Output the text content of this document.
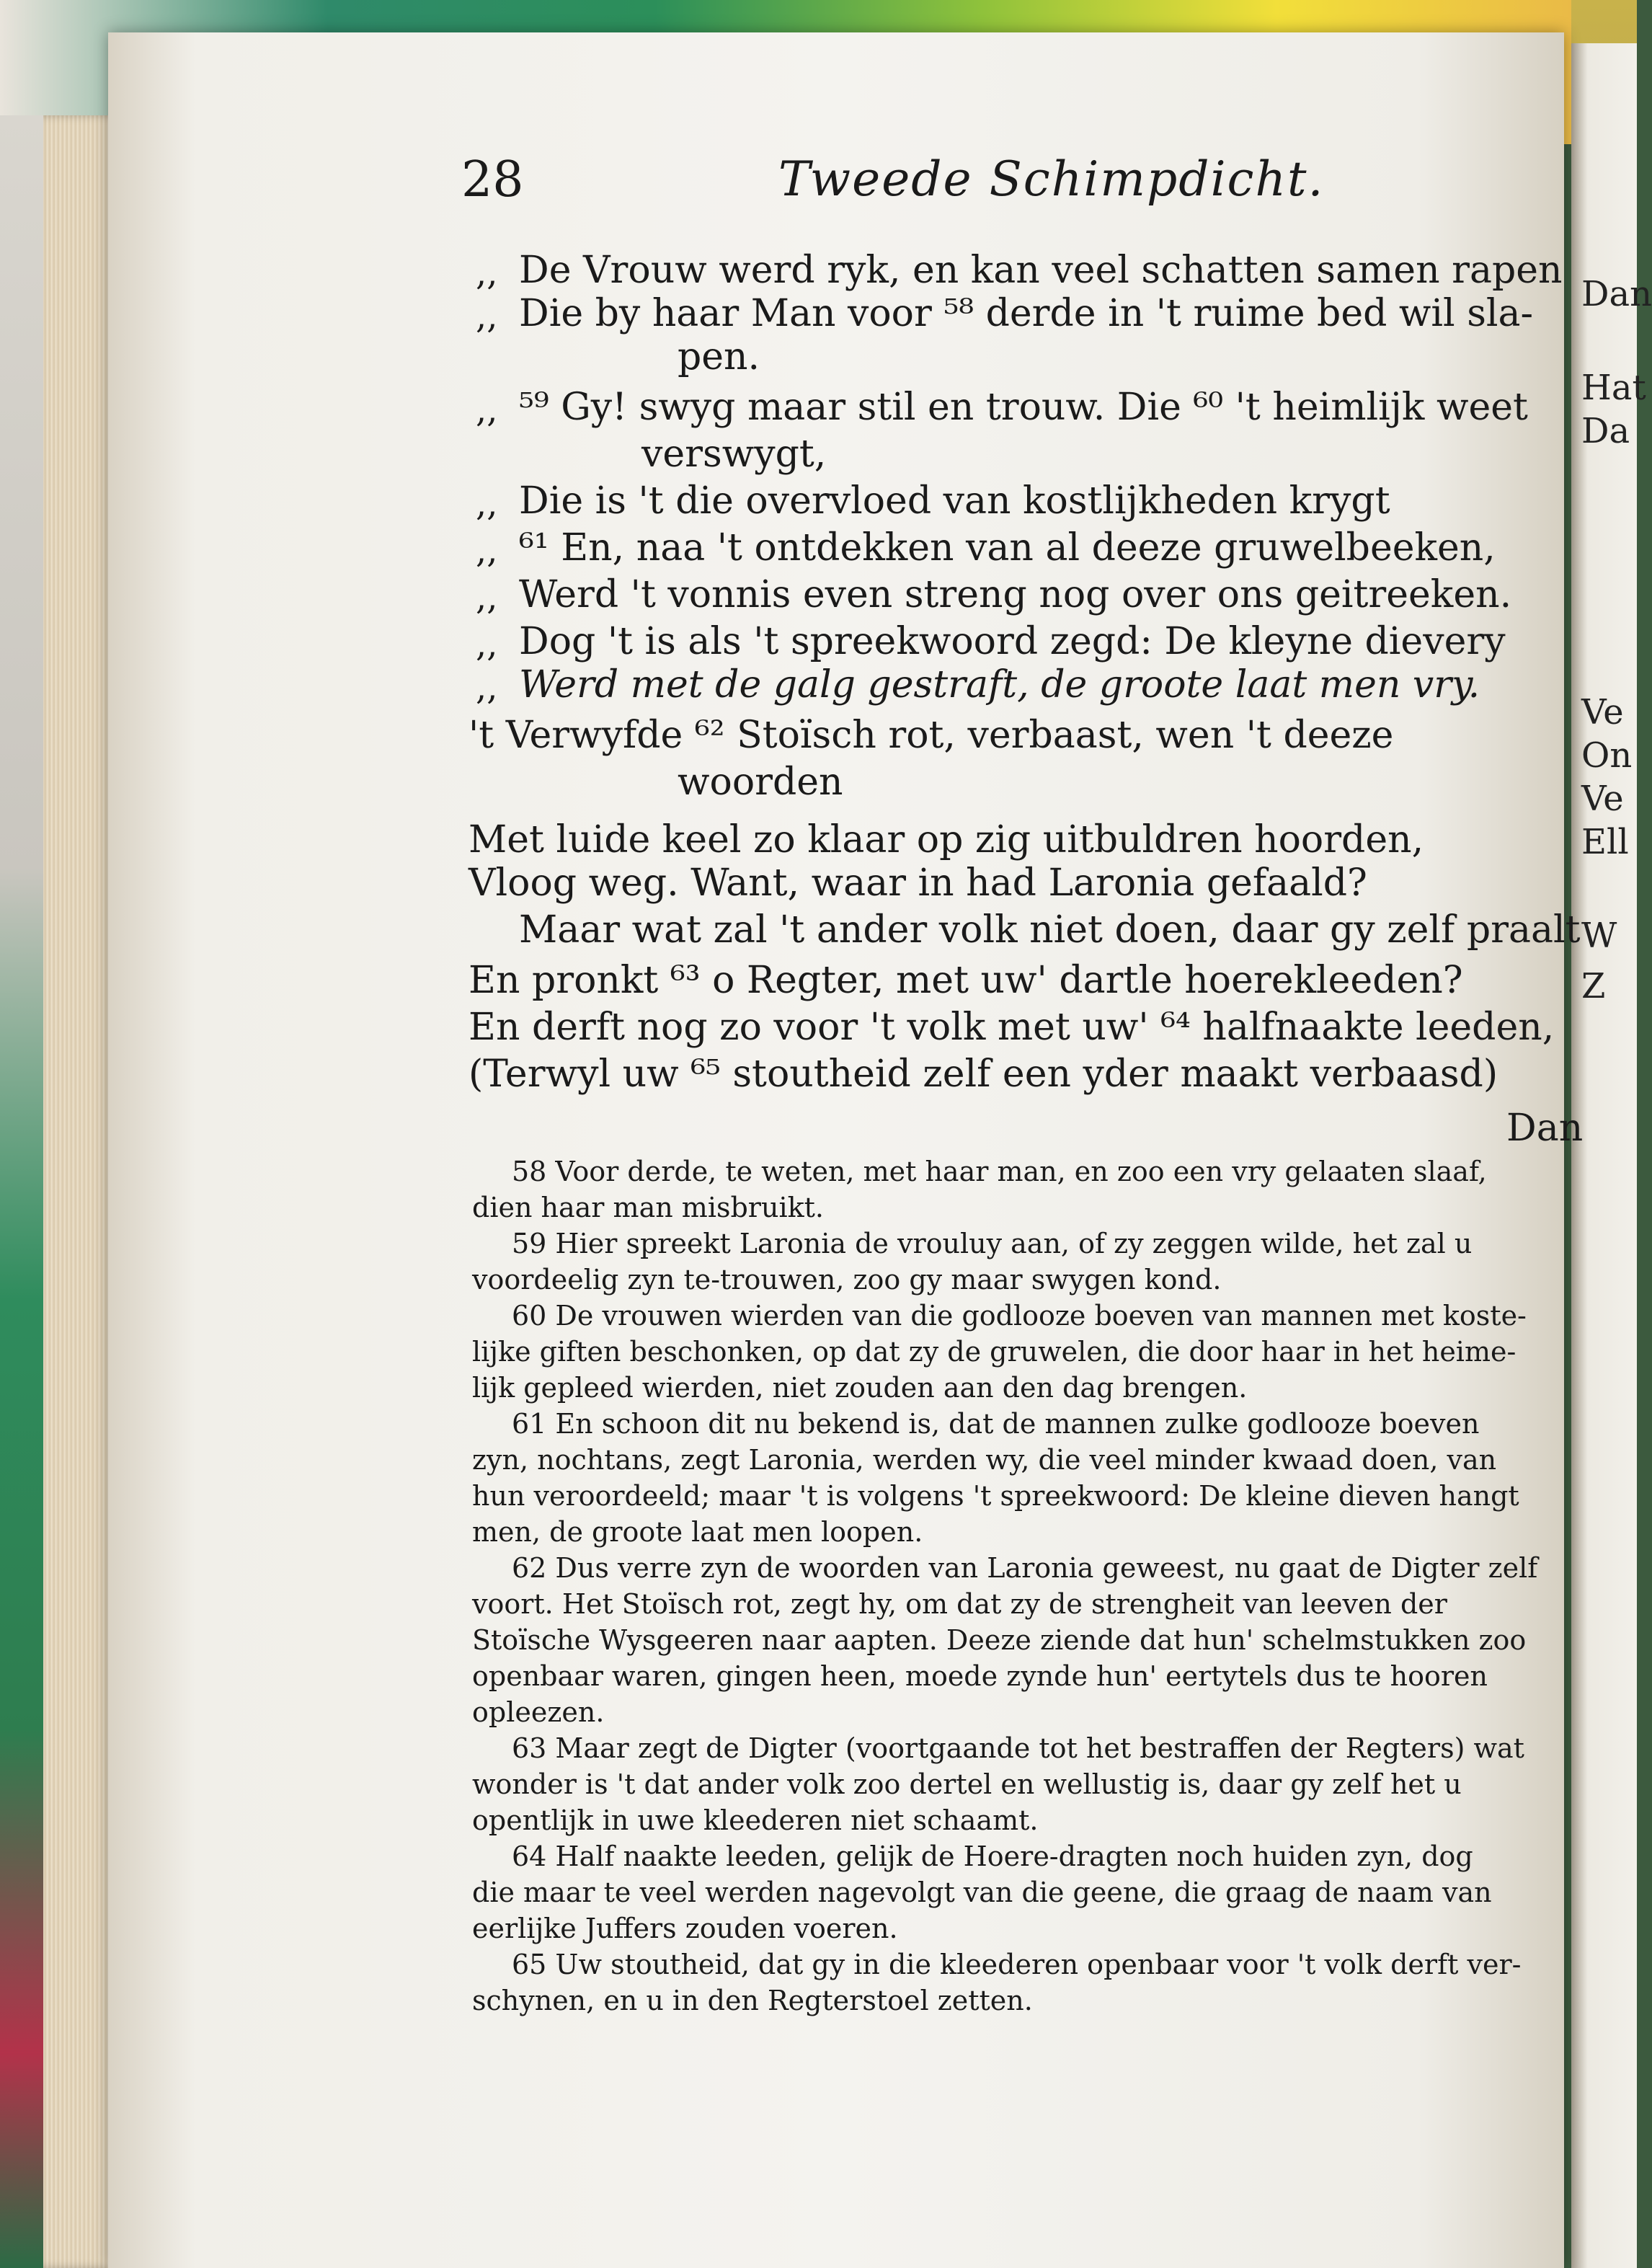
Dan
Hat
Da
Ve
On
Ve
Ell
W
Z
28	Tweede Schimpdicht.
,, De Vrouw werd ryk, en kan veel schatten samen rapen
,, Die by haar Man voor ⁵⁸ derde in 't ruime bed wil sla-
pen.
,, ⁵⁹ Gy! swyg maar stil en trouw. Die ⁶⁰ 't heimlijk weet
verswygt,
,, Die is 't die overvloed van kostlijkheden krygt
,, ⁶¹ En, naa 't ontdekken van al deeze gruwelbeeken,
,, Werd 't vonnis even streng nog over ons geitreeken.
,, Dog 't is als 't spreekwoord zegd: De kleyne dievery
,, Werd met de galg gestraft, de groote laat men vry.
't Verwyfde ⁶² Stoïsch rot, verbaast, wen 't deeze
woorden
Met luide keel zo klaar op zig uitbuldren hoorden,
Vloog weg. Want, waar in had Laronia gefaald?
Maar wat zal 't ander volk niet doen, daar gy zelf praalt
En pronkt ⁶³ o Regter, met uw' dartle hoerekleeden?
En derft nog zo voor 't volk met uw' ⁶⁴ halfnaakte leeden,
(Terwyl uw ⁶⁵ stoutheid zelf een yder maakt verbaasd)
Dan
58 Voor derde, te weten, met haar man, en zoo een vry gelaaten slaaf,
dien haar man misbruikt.
59 Hier spreekt Laronia de vrouluy aan, of zy zeggen wilde, het zal u
voordeelig zyn te-trouwen, zoo gy maar swygen kond.
60 De vrouwen wierden van die godlooze boeven van mannen met koste-
lijke giften beschonken, op dat zy de gruwelen, die door haar in het heime-
lijk gepleed wierden, niet zouden aan den dag brengen.
61 En schoon dit nu bekend is, dat de mannen zulke godlooze boeven
zyn, nochtans, zegt Laronia, werden wy, die veel minder kwaad doen, van
hun veroordeeld; maar 't is volgens 't spreekwoord: De kleine dieven hangt
men, de groote laat men loopen.
62 Dus verre zyn de woorden van Laronia geweest, nu gaat de Digter zelf
voort. Het Stoïsch rot, zegt hy, om dat zy de strengheit van leeven der
Stoïsche Wysgeeren naar aapten. Deeze ziende dat hun' schelmstukken zoo
openbaar waren, gingen heen, moede zynde hun' eertytels dus te hooren
opleezen.
63 Maar zegt de Digter (voortgaande tot het bestraffen der Regters) wat
wonder is 't dat ander volk zoo dertel en wellustig is, daar gy zelf het u
opentlijk in uwe kleederen niet schaamt.
64 Half naakte leeden, gelijk de Hoere-dragten noch huiden zyn, dog
die maar te veel werden nagevolgt van die geene, die graag de naam van
eerlijke Juffers zouden voeren.
65 Uw stoutheid, dat gy in die kleederen openbaar voor 't volk derft ver-
schynen, en u in den Regterstoel zetten.
